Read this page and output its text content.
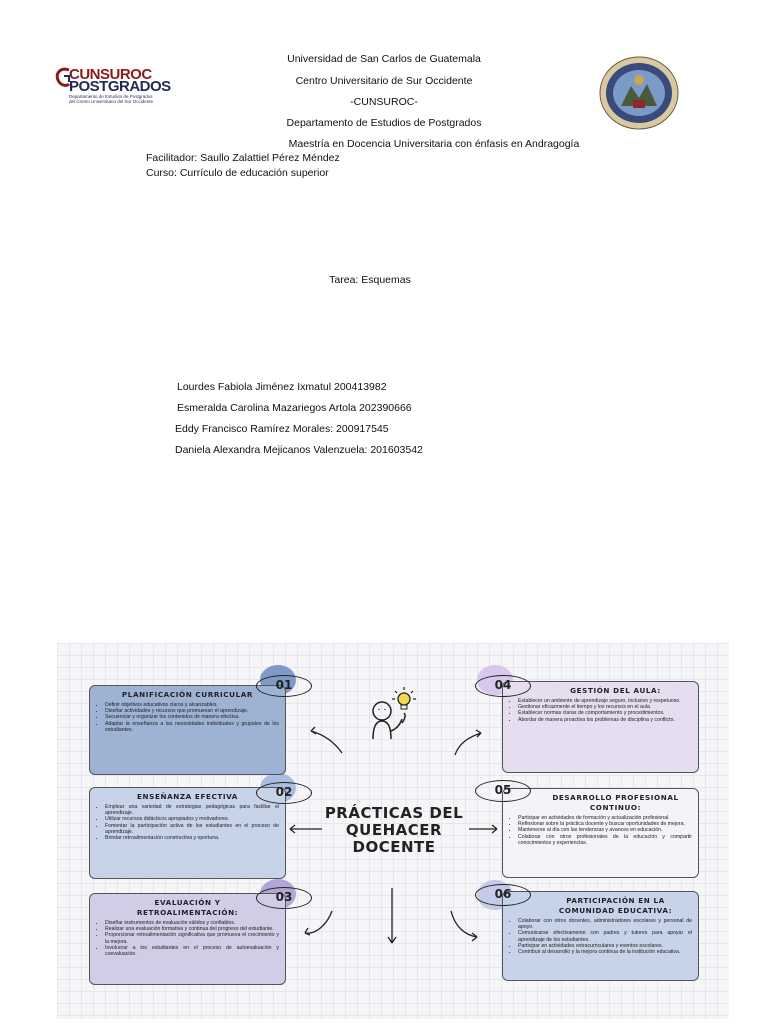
Universidad de San Carlos de Guatemala
Centro Universitario de Sur Occidente
-CUNSUROC-
Departamento de Estudios de Postgrados
Maestría en Docencia Universitaria con énfasis en Andragogía
CUNSUROC
POSTGRADOS
Departamento de Estudios de Postgrados
del Centro Universitario del Sur Occidente
Facilitador: Saullo Zalattiel Pérez Méndez
Curso: Currículo de educación superior
Tarea: Esquemas
Lourdes Fabiola Jiménez Ixmatul 200413982
Esmeralda Carolina Mazariegos Artola 202390666
Eddy Francisco Ramírez Morales: 200917545
Daniela Alexandra Mejicanos Valenzuela: 201603542
PLANIFICACIÓN CURRICULAR
• Definir objetivos educativos claros y alcanzables.
• Diseñar actividades y recursos que promuevan el aprendizaje.
• Secuenciar y organizar los contenidos de manera efectiva.
• Adaptar la enseñanza a las necesidades individuales y grupales de los estudiantes.
01
ENSEÑANZA EFECTIVA
• Emplear una variedad de estrategias pedagógicas para facilitar el aprendizaje.
• Utilizar recursos didácticos apropiados y motivadores.
• Fomentar la participación activa de los estudiantes en el proceso de aprendizaje.
• Brindar retroalimentación constructiva y oportuna.
02
EVALUACIÓN Y RETROALIMENTACIÓN:
• Diseñar instrumentos de evaluación válidos y confiables.
• Realizar una evaluación formativa y continua del progreso del estudiante.
• Proporcionar retroalimentación significativa que promueva el crecimiento y la mejora.
• Involucrar a los estudiantes en el proceso de autoevaluación y coevaluación.
03
GESTIÓN DEL AULA:
• Establecer un ambiente de aprendizaje seguro, inclusivo y respetuoso.
• Gestionar eficazmente el tiempo y los recursos en el aula.
• Establecer normas claras de comportamiento y procedimientos.
• Abordar de manera proactiva los problemas de disciplina y conflicto.
04
DESARROLLO PROFESIONAL CONTINUO:
• Participar en actividades de formación y actualización profesional.
• Reflexionar sobre la práctica docente y buscar oportunidades de mejora.
• Mantenerse al día con las tendencias y avances en educación.
• Colaborar con otros profesionales de la educación y compartir conocimientos y experiencias.
05
PARTICIPACIÓN EN LA COMUNIDAD EDUCATIVA:
• Colaborar con otros docentes, administradores escolares y personal de apoyo.
• Comunicarse efectivamente con padres y tutores para apoyar el aprendizaje de los estudiantes.
• Participar en actividades extracurriculares y eventos escolares.
• Contribuir al desarrollo y la mejora continua de la institución educativa.
06
PRÁCTICAS DEL QUEHACER DOCENTE
